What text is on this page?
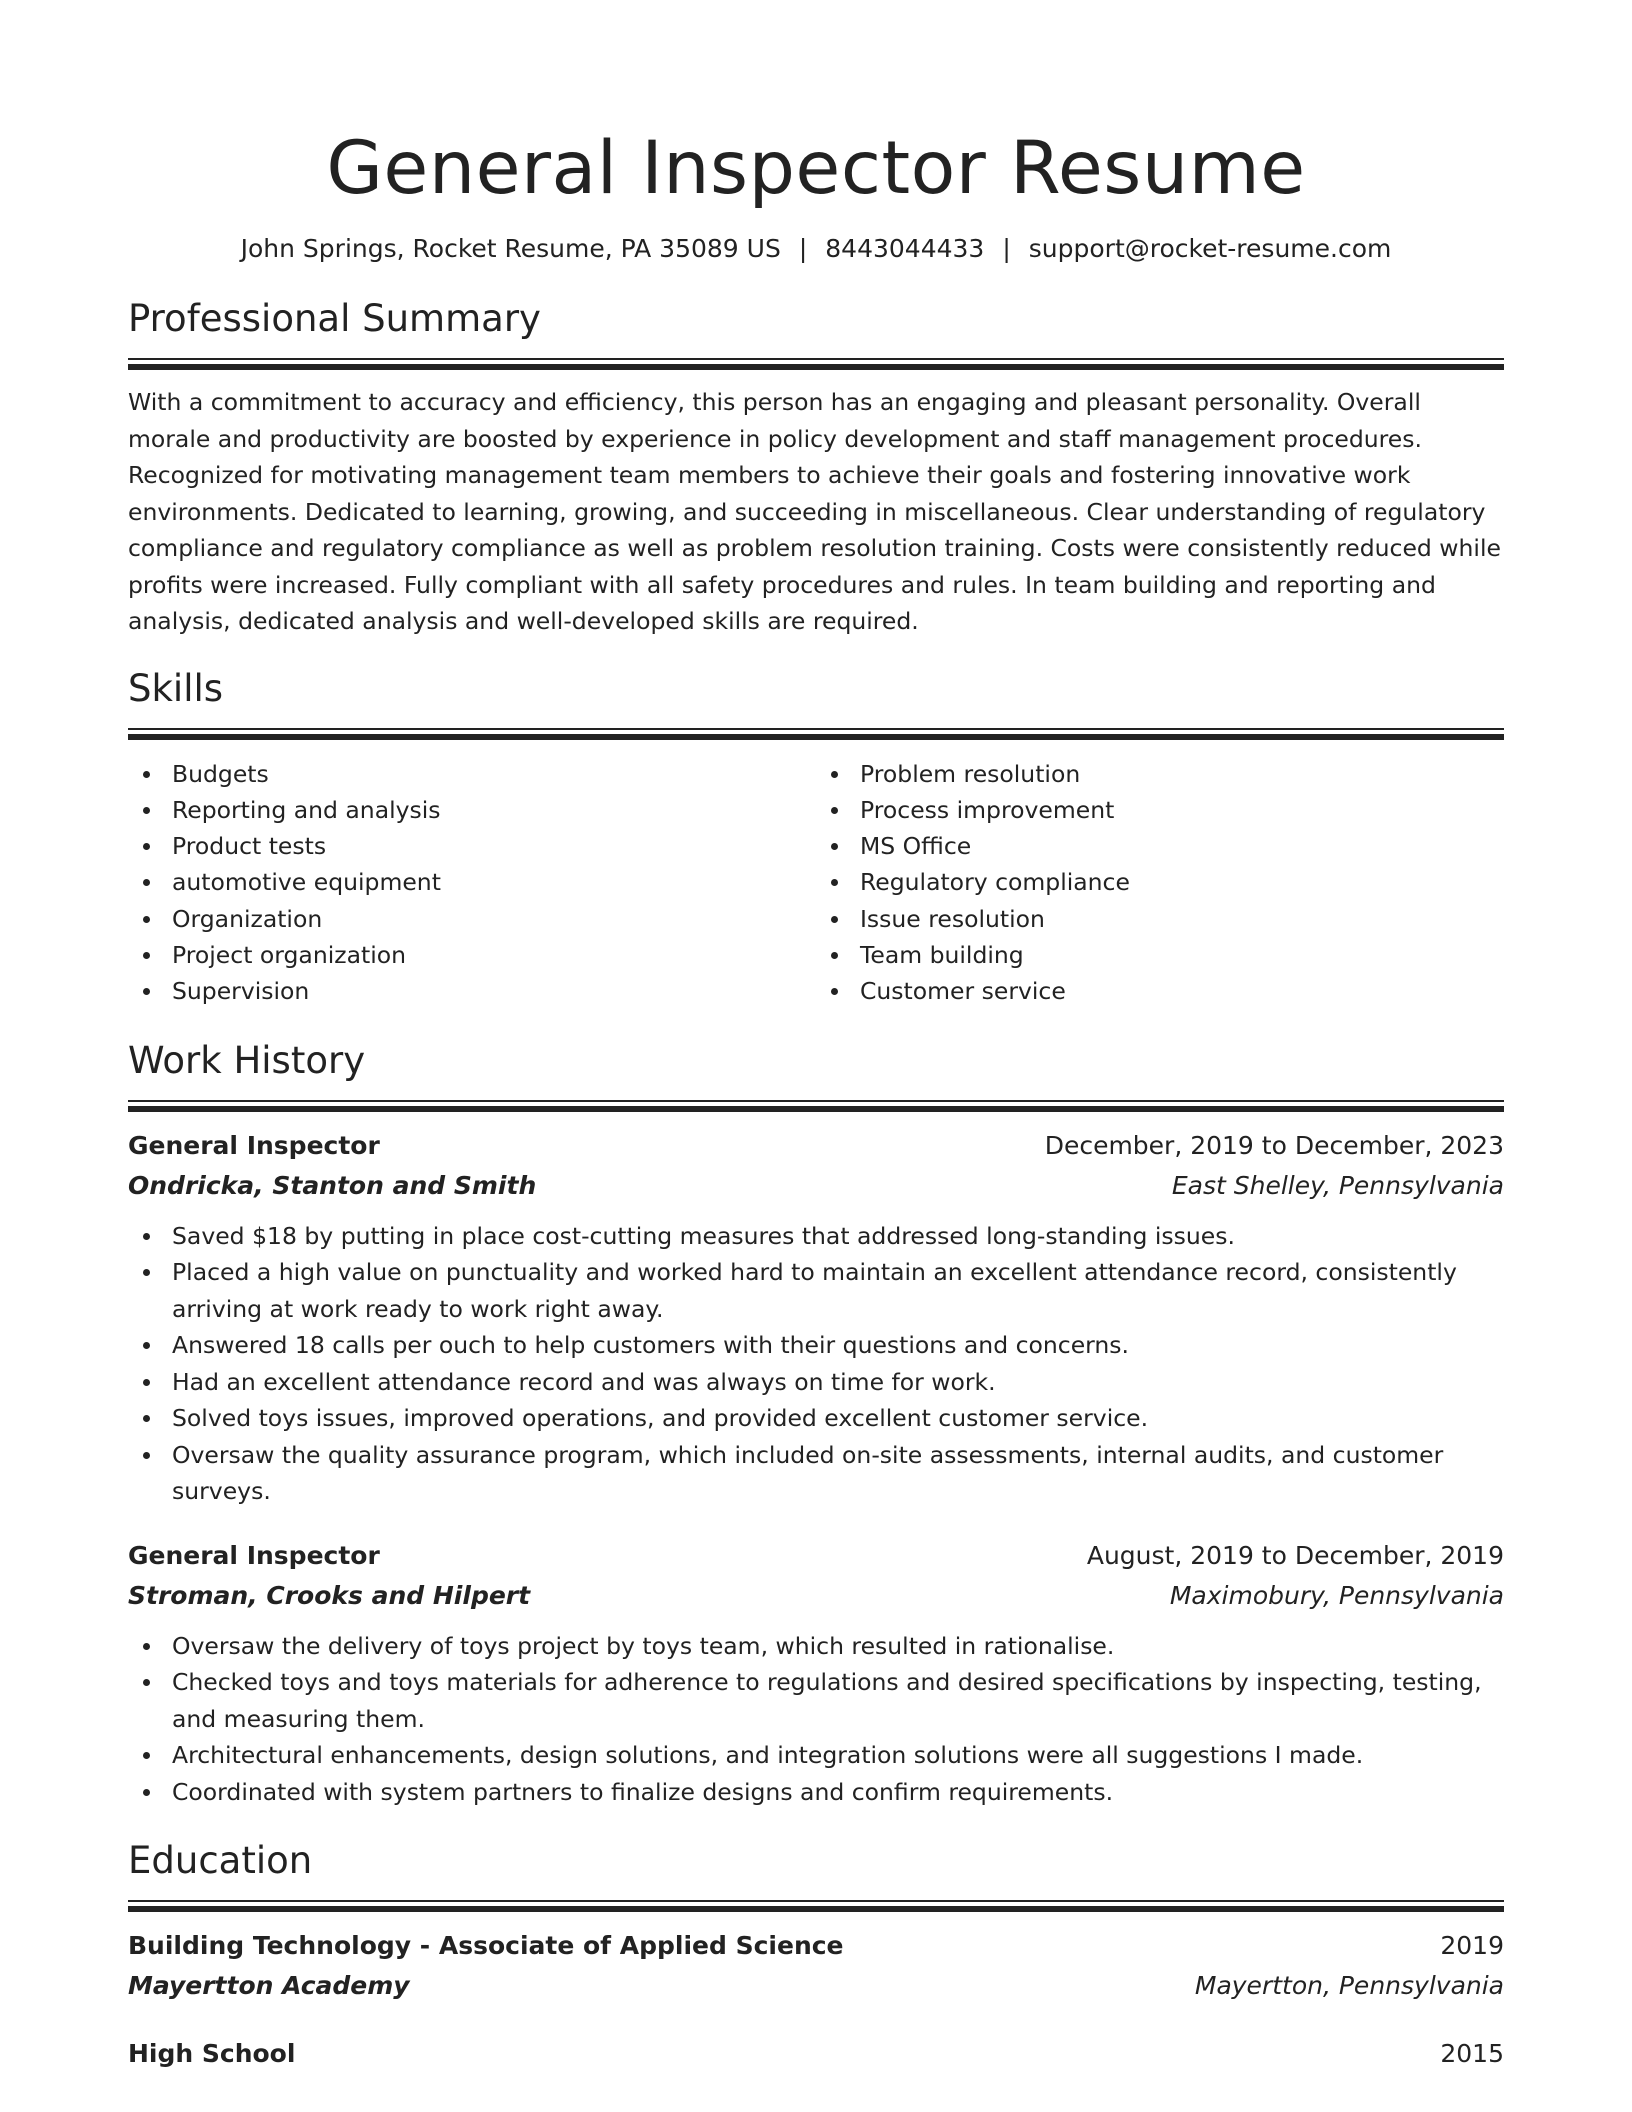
General Inspector Resume
John Springs, Rocket Resume, PA 35089 US | 8443044433 | support@rocket-resume.com
Professional Summary

With a commitment to accuracy and efficiency, this person has an engaging and pleasant personality. Overall morale and productivity are boosted by experience in policy development and staff management procedures. Recognized for motivating management team members to achieve their goals and fostering innovative work environments. Dedicated to learning, growing, and succeeding in miscellaneous. Clear understanding of regulatory compliance and regulatory compliance as well as problem resolution training. Costs were consistently reduced while profits were increased. Fully compliant with all safety procedures and rules. In team building and reporting and analysis, dedicated analysis and well-developed skills are required.

Skills
Budgets
Reporting and analysis
Product tests
automotive equipment
Organization
Project organization
Supervision
Problem resolution
Process improvement
MS Office
Regulatory compliance
Issue resolution
Team building
Customer service
Work History
General Inspector	December, 2019 to December, 2023
Ondricka, Stanton and Smith	East Shelley, Pennsylvania
Saved $18 by putting in place cost-cutting measures that addressed long-standing issues.
Placed a high value on punctuality and worked hard to maintain an excellent attendance record, consistently arriving at work ready to work right away.
Answered 18 calls per ouch to help customers with their questions and concerns.
Had an excellent attendance record and was always on time for work.
Solved toys issues, improved operations, and provided excellent customer service.
Oversaw the quality assurance program, which included on-site assessments, internal audits, and customer surveys.
General Inspector	August, 2019 to December, 2019
Stroman, Crooks and Hilpert	Maximobury, Pennsylvania
Oversaw the delivery of toys project by toys team, which resulted in rationalise.
Checked toys and toys materials for adherence to regulations and desired specifications by inspecting, testing, and measuring them.
Architectural enhancements, design solutions, and integration solutions were all suggestions I made.
Coordinated with system partners to finalize designs and confirm requirements.
Education
Building Technology - Associate of Applied Science	2019
Mayertton Academy	Mayertton, Pennsylvania
High School	2015
